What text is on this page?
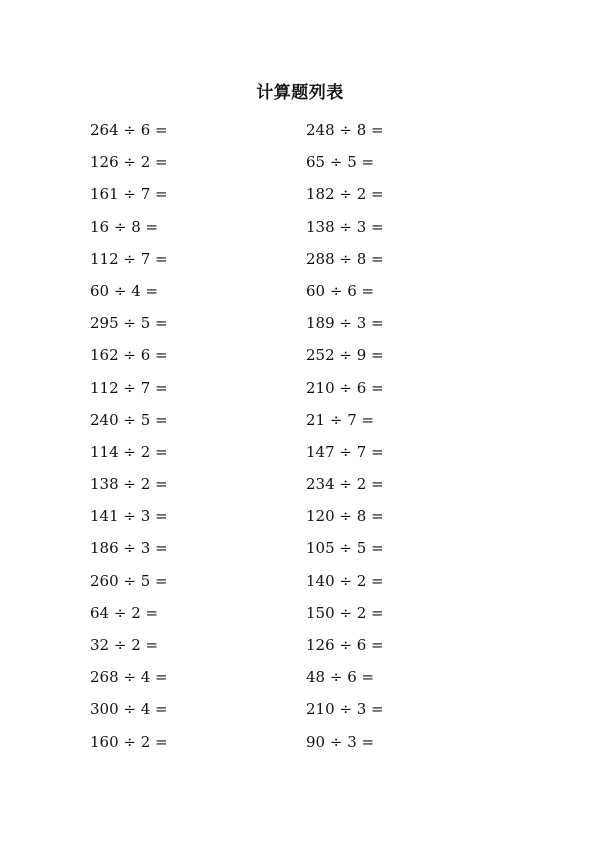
计算题列表
264 ÷ 6 =
126 ÷ 2 =
161 ÷ 7 =
16 ÷ 8 =
112 ÷ 7 =
60 ÷ 4 =
295 ÷ 5 =
162 ÷ 6 =
112 ÷ 7 =
240 ÷ 5 =
114 ÷ 2 =
138 ÷ 2 =
141 ÷ 3 =
186 ÷ 3 =
260 ÷ 5 =
64 ÷ 2 =
32 ÷ 2 =
268 ÷ 4 =
300 ÷ 4 =
160 ÷ 2 =
248 ÷ 8 =
65 ÷ 5 =
182 ÷ 2 =
138 ÷ 3 =
288 ÷ 8 =
60 ÷ 6 =
189 ÷ 3 =
252 ÷ 9 =
210 ÷ 6 =
21 ÷ 7 =
147 ÷ 7 =
234 ÷ 2 =
120 ÷ 8 =
105 ÷ 5 =
140 ÷ 2 =
150 ÷ 2 =
126 ÷ 6 =
48 ÷ 6 =
210 ÷ 3 =
90 ÷ 3 =
